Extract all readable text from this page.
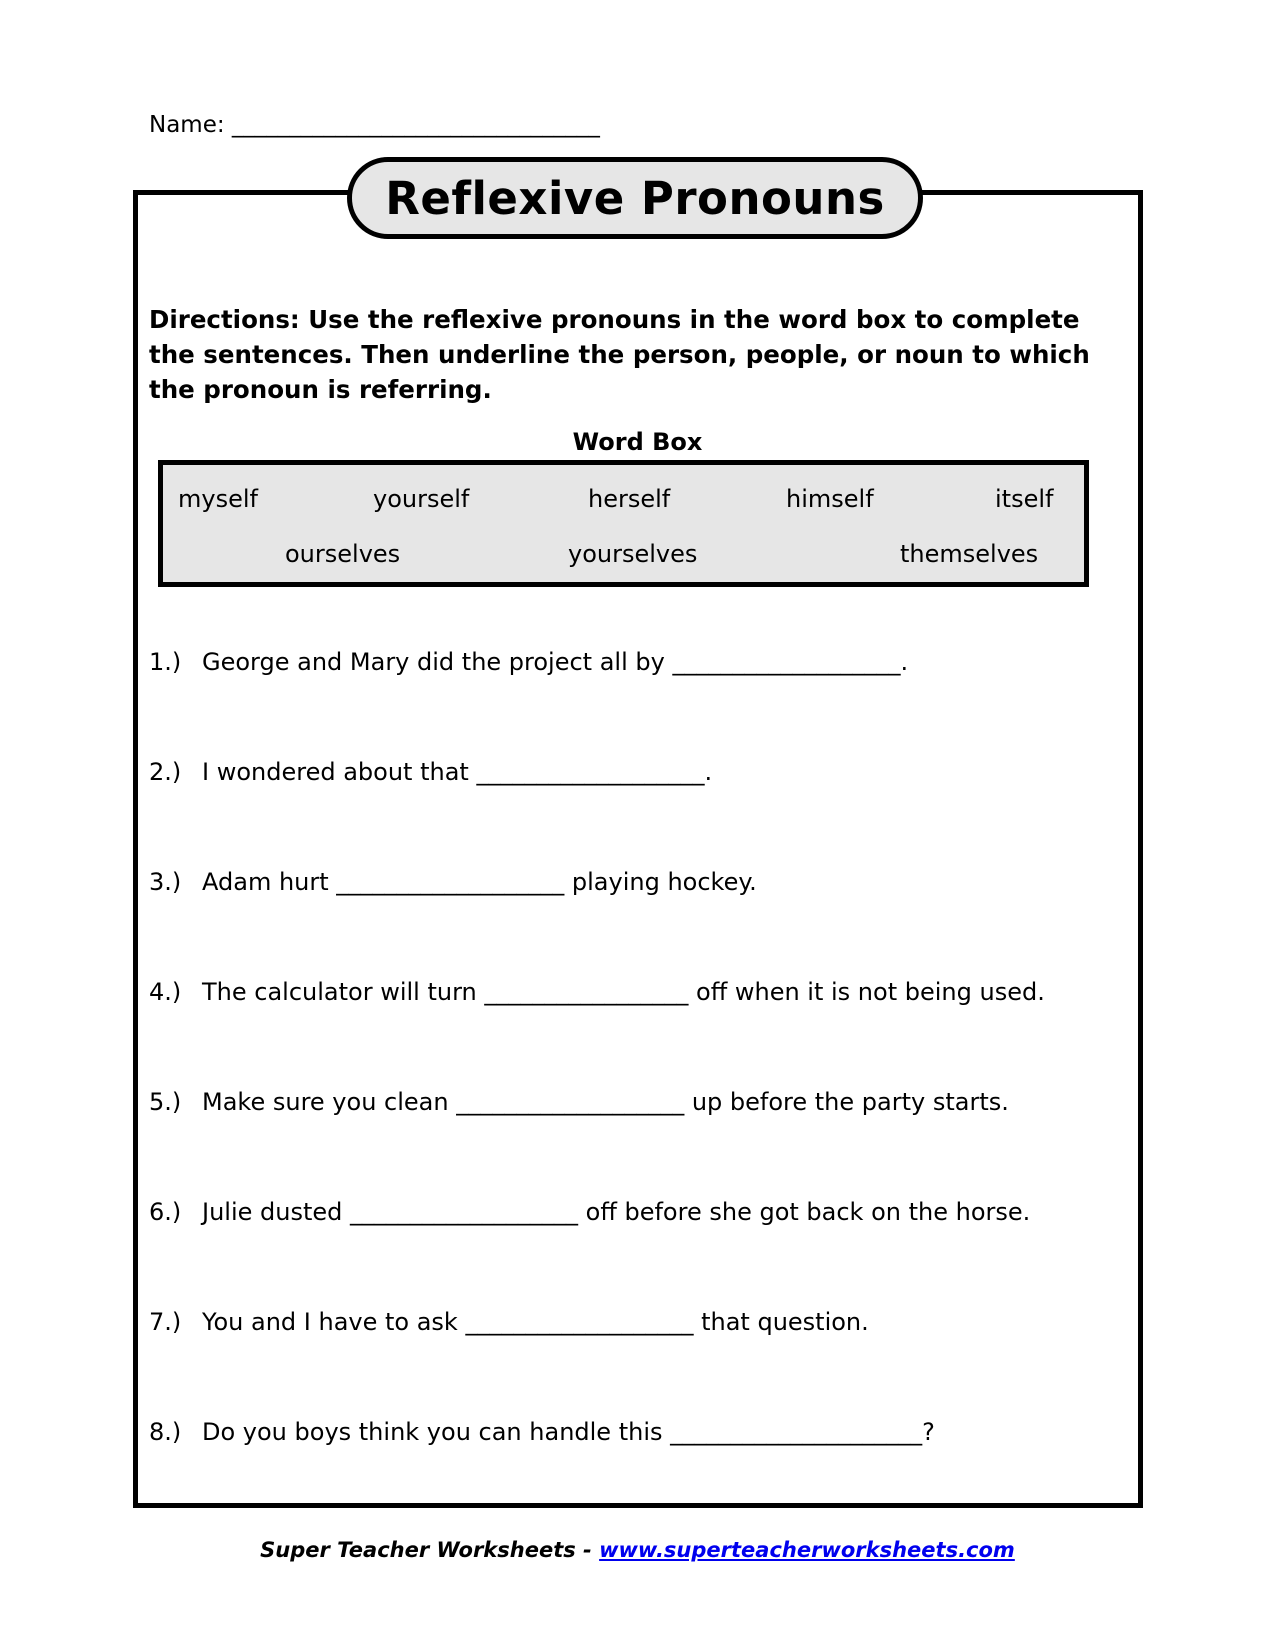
Name: ________________________________
Reflexive Pronouns
Directions: Use the reflexive pronouns in the word box to complete the sentences. Then underline the person, people, or noun to which the pronoun is referring.
Word Box
myself	yourself	herself	himself	itself
ourselves	yourselves	themselves
1.) George and Mary did the project all by ___________________.
2.) I wondered about that ___________________.
3.) Adam hurt ___________________ playing hockey.
4.) The calculator will turn _________________ off when it is not being used.
5.) Make sure you clean ___________________ up before the party starts.
6.) Julie dusted ___________________ off before she got back on the horse.
7.) You and I have to ask ___________________ that question.
8.) Do you boys think you can handle this _____________________?
Super Teacher Worksheets - www.superteacherworksheets.com
